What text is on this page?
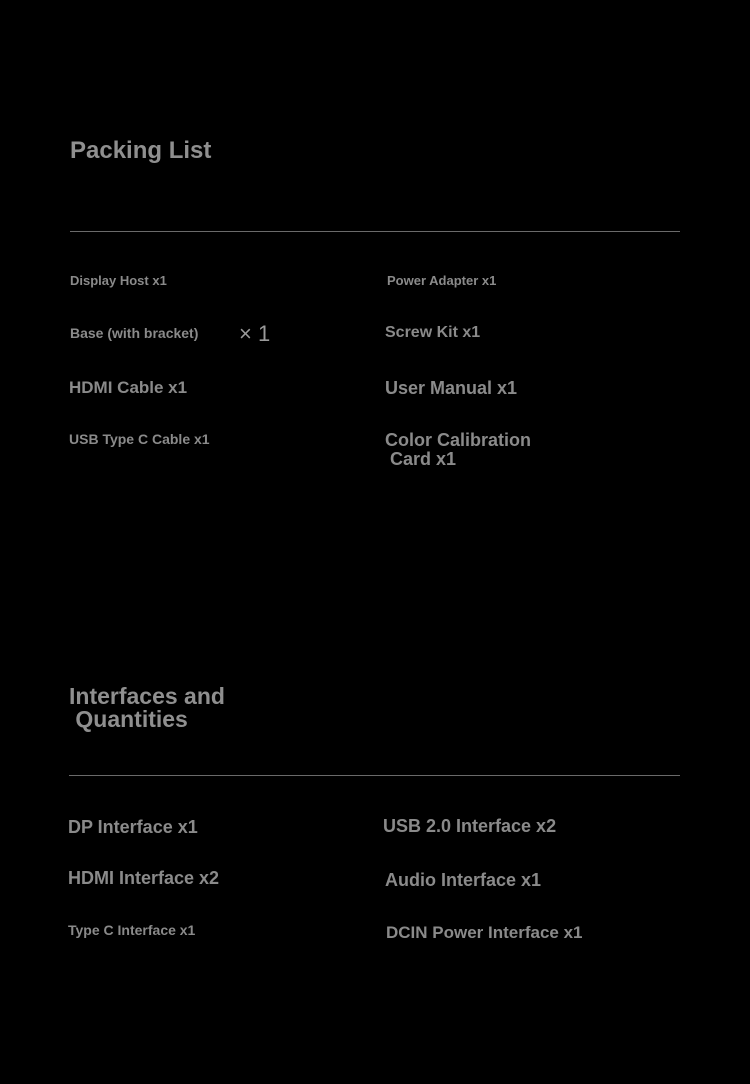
Packing List
Display Host x1	Power Adapter x1
Base (with bracket) × 1	Screw Kit x1
HDMI Cable x1	User Manual x1
USB Type C Cable x1	Color Calibration
Card x1
Interfaces and
Quantities
DP Interface x1	USB 2.0 Interface x2
HDMI Interface x2	Audio Interface x1
Type C Interface x1	DCIN Power Interface x1
